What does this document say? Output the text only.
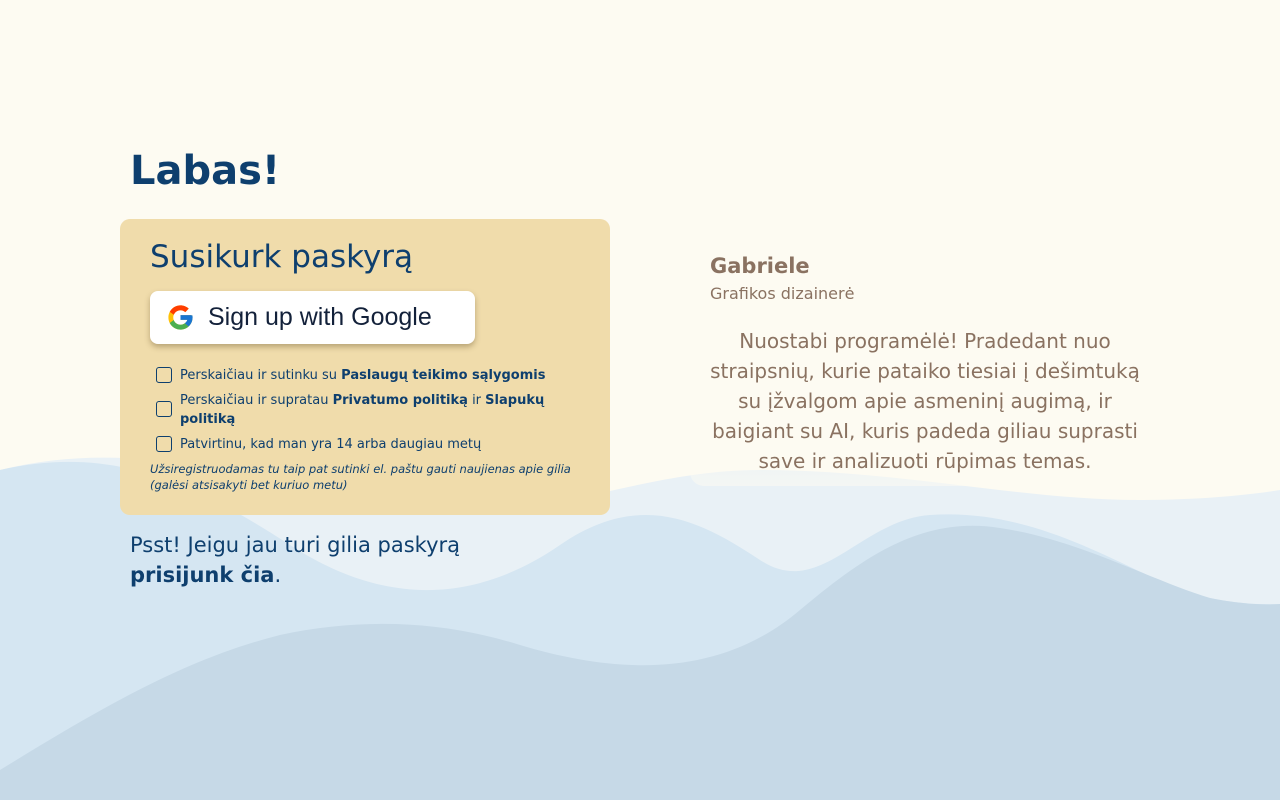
Labas!
Susikurk paskyrą
Sign up with Google
Perskaičiau ir sutinku su Paslaugų teikimo sąlygomis
Perskaičiau ir supratau Privatumo politiką ir Slapukų politiką
Patvirtinu, kad man yra 14 arba daugiau metų
Užsiregistruodamas tu taip pat sutinki el. paštu gauti naujienas apie gilia (galėsi atsisakyti bet kuriuo metu)
Psst! Jeigu jau turi gilia paskyrą
prisijunk čia.
Gabriele
Grafikos dizainerė

Nuostabi programėlė! Pradedant nuo straipsnių, kurie pataiko tiesiai į dešimtuką su įžvalgom apie asmeninį augimą, ir baigiant su AI, kuris padeda giliau suprasti save ir analizuoti rūpimas temas.
